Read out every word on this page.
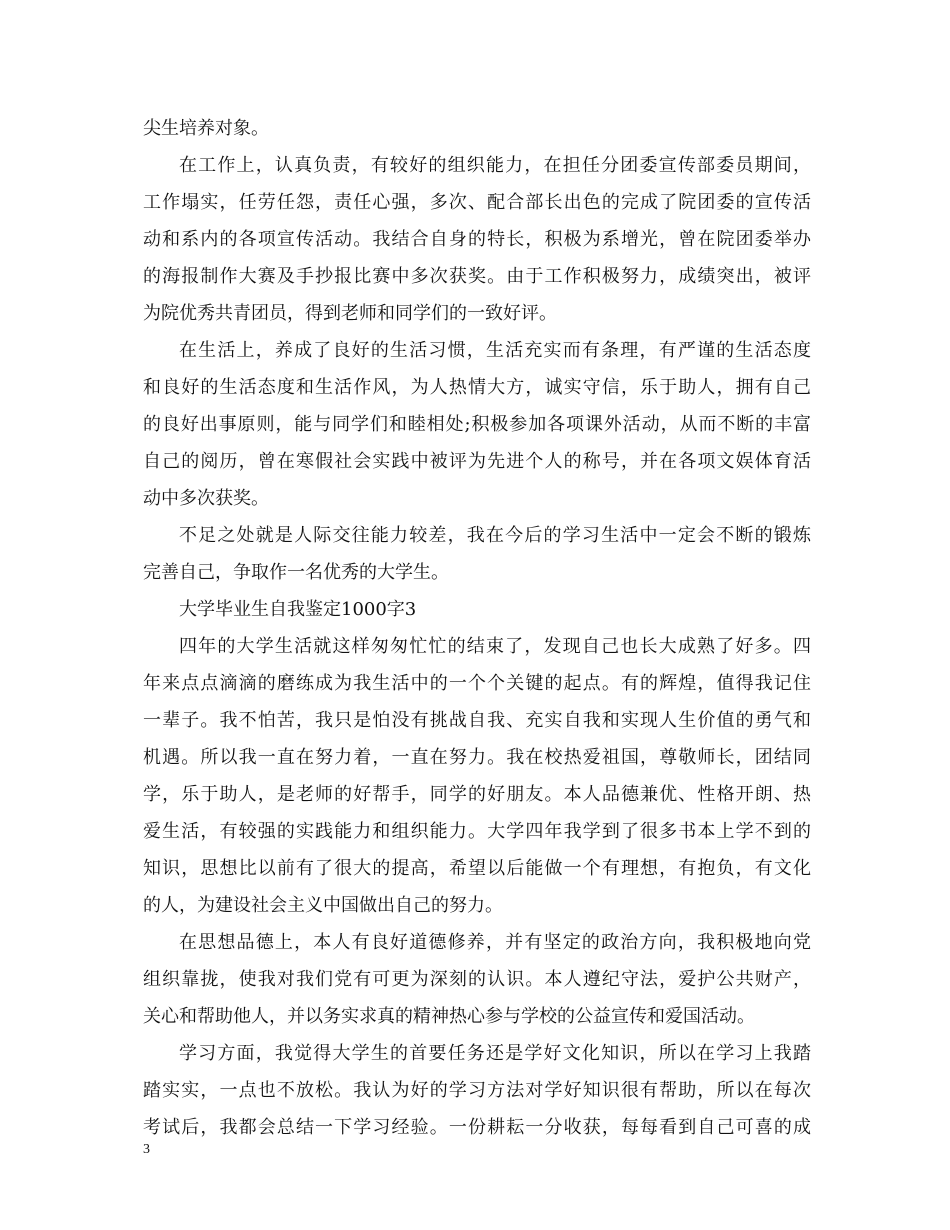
尖生培养对象。
在工作上，认真负责，有较好的组织能力，在担任分团委宣传部委员期间，
工作塌实，任劳任怨，责任心强，多次、配合部长出色的完成了院团委的宣传活
动和系内的各项宣传活动。我结合自身的特长，积极为系增光，曾在院团委举办
的海报制作大赛及手抄报比赛中多次获奖。由于工作积极努力，成绩突出，被评
为院优秀共青团员，得到老师和同学们的一致好评。
在生活上，养成了良好的生活习惯，生活充实而有条理，有严谨的生活态度
和良好的生活态度和生活作风，为人热情大方，诚实守信，乐于助人，拥有自己
的良好出事原则，能与同学们和睦相处;积极参加各项课外活动，从而不断的丰富
自己的阅历，曾在寒假社会实践中被评为先进个人的称号，并在各项文娱体育活
动中多次获奖。
不足之处就是人际交往能力较差，我在今后的学习生活中一定会不断的锻炼
完善自己，争取作一名优秀的大学生。
大学毕业生自我鉴定1000字3
四年的大学生活就这样匆匆忙忙的结束了，发现自己也长大成熟了好多。四
年来点点滴滴的磨练成为我生活中的一个个关键的起点。有的辉煌，值得我记住
一辈子。我不怕苦，我只是怕没有挑战自我、充实自我和实现人生价值的勇气和
机遇。所以我一直在努力着，一直在努力。我在校热爱祖国，尊敬师长，团结同
学，乐于助人，是老师的好帮手，同学的好朋友。本人品德兼优、性格开朗、热
爱生活，有较强的实践能力和组织能力。大学四年我学到了很多书本上学不到的
知识，思想比以前有了很大的提高，希望以后能做一个有理想，有抱负，有文化
的人，为建设社会主义中国做出自己的努力。
在思想品德上，本人有良好道德修养，并有坚定的政治方向，我积极地向党
组织靠拢，使我对我们党有可更为深刻的认识。本人遵纪守法，爱护公共财产，
关心和帮助他人，并以务实求真的精神热心参与学校的公益宣传和爱国活动。
学习方面，我觉得大学生的首要任务还是学好文化知识，所以在学习上我踏
踏实实，一点也不放松。我认为好的学习方法对学好知识很有帮助，所以在每次
考试后，我都会总结一下学习经验。一份耕耘一分收获，每每看到自己可喜的成
3
